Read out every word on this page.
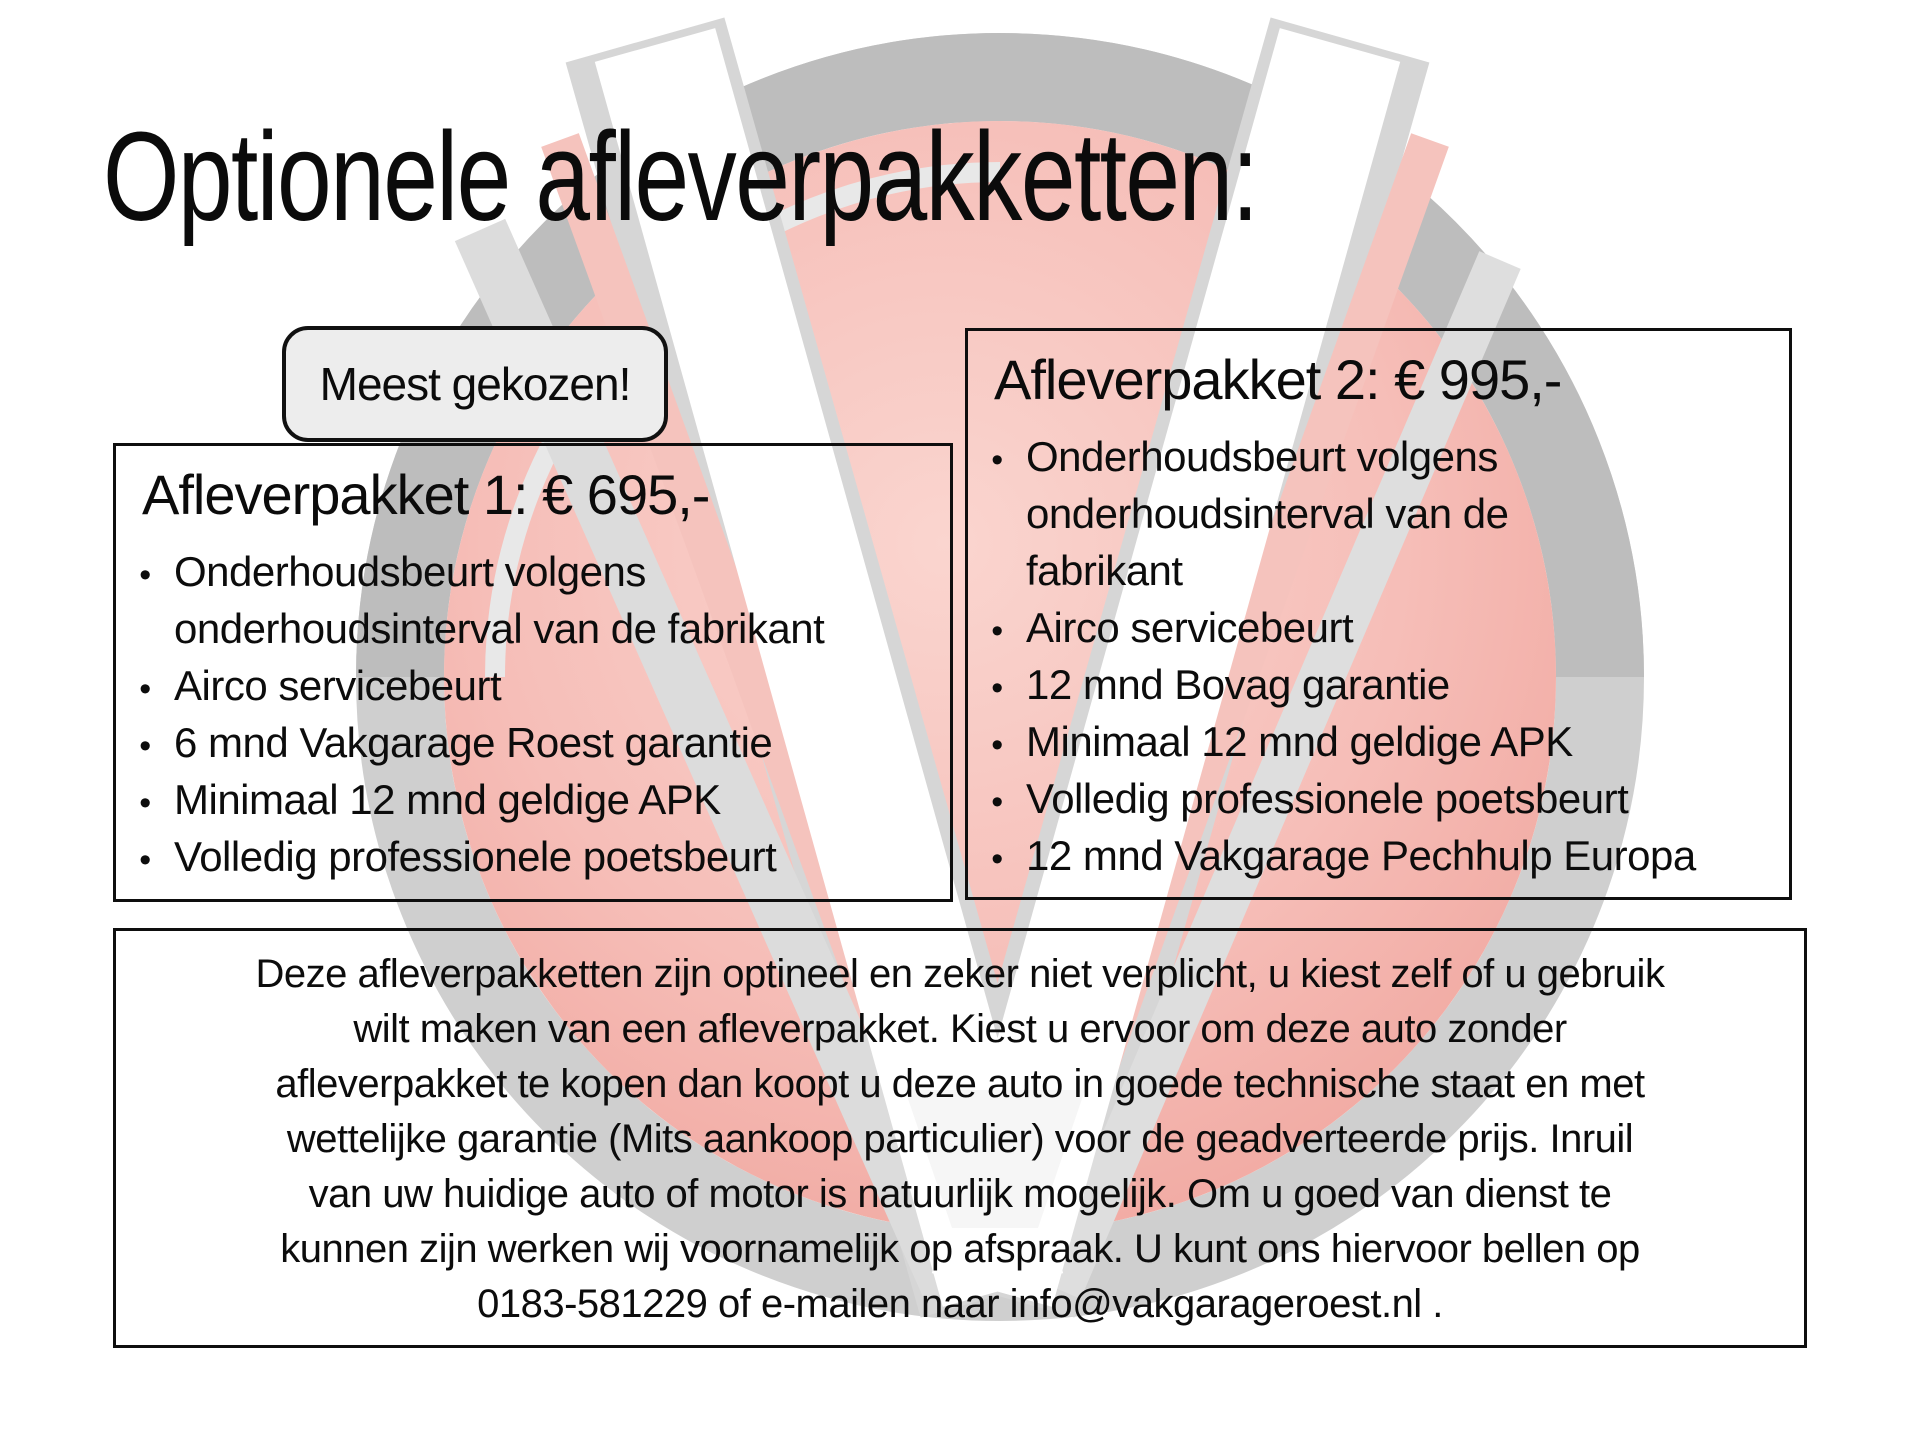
Optionele afleverpakketten:
Meest gekozen!
Afleverpakket 1: € 695,-
• Onderhoudsbeurt volgens
onderhoudsinterval van de fabrikant
• Airco servicebeurt
• 6 mnd Vakgarage Roest garantie
• Minimaal 12 mnd geldige APK
• Volledig professionele poetsbeurt
Afleverpakket 2: € 995,-
• Onderhoudsbeurt volgens
onderhoudsinterval van de
fabrikant
• Airco servicebeurt
• 12 mnd Bovag garantie
• Minimaal 12 mnd geldige APK
• Volledig professionele poetsbeurt
• 12 mnd Vakgarage Pechhulp Europa
Deze afleverpakketten zijn optineel en zeker niet verplicht, u kiest zelf of u gebruik
wilt maken van een afleverpakket. Kiest u ervoor om deze auto zonder
afleverpakket te kopen dan koopt u deze auto in goede technische staat en met
wettelijke garantie (Mits aankoop particulier) voor de geadverteerde prijs. Inruil
van uw huidige auto of motor is natuurlijk mogelijk. Om u goed van dienst te
kunnen zijn werken wij voornamelijk op afspraak. U kunt ons hiervoor bellen op
0183-581229 of e-mailen naar info@vakgarageroest.nl .
